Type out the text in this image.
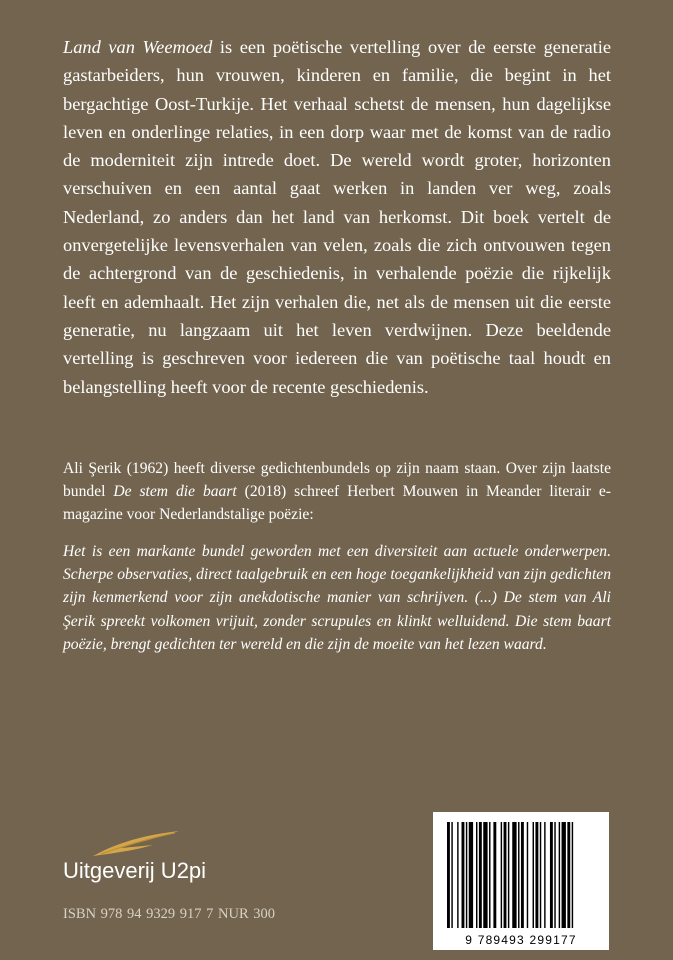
Land van Weemoed is een poëtische vertelling over de eerste generatie gastarbeiders, hun vrouwen, kinderen en familie, die begint in het bergachtige Oost-Turkije. Het verhaal schetst de mensen, hun dagelijkse leven en onderlinge relaties, in een dorp waar met de komst van de radio de moderniteit zijn intrede doet. De wereld wordt groter, horizonten verschuiven en een aantal gaat werken in landen ver weg, zoals Nederland, zo anders dan het land van herkomst. Dit boek vertelt de onvergetelijke levensverhalen van velen, zoals die zich ontvouwen tegen de achtergrond van de geschiedenis, in verhalende poëzie die rijkelijk leeft en ademhaalt. Het zijn verhalen die, net als de mensen uit die eerste generatie, nu langzaam uit het leven verdwijnen. Deze beeldende vertelling is geschreven voor iedereen die van poëtische taal houdt en belangstelling heeft voor de recente geschiedenis.

Ali Şerik (1962) heeft diverse gedichtenbundels op zijn naam staan. Over zijn laatste bundel De stem die baart (2018) schreef Herbert Mouwen in Meander literair e-magazine voor Nederlandstalige poëzie:

Het is een markante bundel geworden met een diversiteit aan actuele onderwerpen. Scherpe observaties, direct taalgebruik en een hoge toegankelijkheid van zijn gedichten zijn kenmerkend voor zijn anekdotische manier van schrijven. (...) De stem van Ali Şerik spreekt volkomen vrijuit, zonder scrupules en klinkt welluidend. Die stem baart poëzie, brengt gedichten ter wereld en die zijn de moeite van het lezen waard.

Uitgeverij U2pi
ISBN 978 94 9329 917 7 NUR 300
9 789493 299177
